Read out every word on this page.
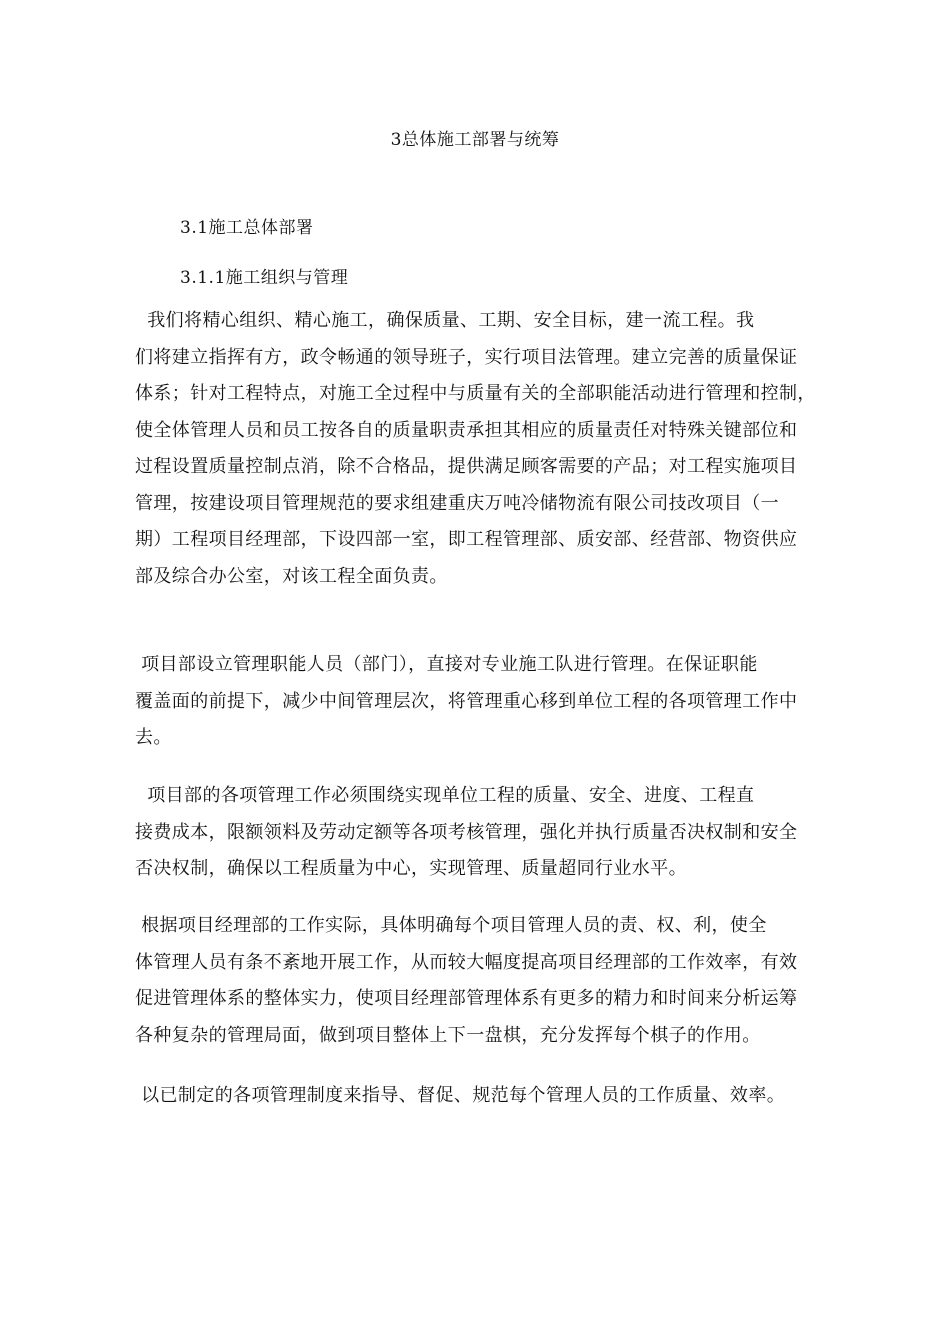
3总体施工部署与统筹
3.1施工总体部署
3.1.1施工组织与管理
我们将精心组织、精心施工，确保质量、工期、安全目标，建一流工程。我
们将建立指挥有方，政令畅通的领导班子，实行项目法管理。建立完善的质量保证
体系；针对工程特点，对施工全过程中与质量有关的全部职能活动进行管理和控制，
使全体管理人员和员工按各自的质量职责承担其相应的质量责任对特殊关键部位和
过程设置质量控制点消，除不合格品，提供满足顾客需要的产品；对工程实施项目
管理，按建设项目管理规范的要求组建重庆万吨冷储物流有限公司技改项目（一
期）工程项目经理部，下设四部一室，即工程管理部、质安部、经营部、物资供应
部及综合办公室，对该工程全面负责。
项目部设立管理职能人员（部门），直接对专业施工队进行管理。在保证职能
覆盖面的前提下，减少中间管理层次，将管理重心移到单位工程的各项管理工作中
去。
项目部的各项管理工作必须围绕实现单位工程的质量、安全、进度、工程直
接费成本，限额领料及劳动定额等各项考核管理，强化并执行质量否决权制和安全
否决权制，确保以工程质量为中心，实现管理、质量超同行业水平。
根据项目经理部的工作实际，具体明确每个项目管理人员的责、权、利，使全
体管理人员有条不紊地开展工作，从而较大幅度提高项目经理部的工作效率，有效
促进管理体系的整体实力，使项目经理部管理体系有更多的精力和时间来分析运筹
各种复杂的管理局面，做到项目整体上下一盘棋，充分发挥每个棋子的作用。
以已制定的各项管理制度来指导、督促、规范每个管理人员的工作质量、效率。
